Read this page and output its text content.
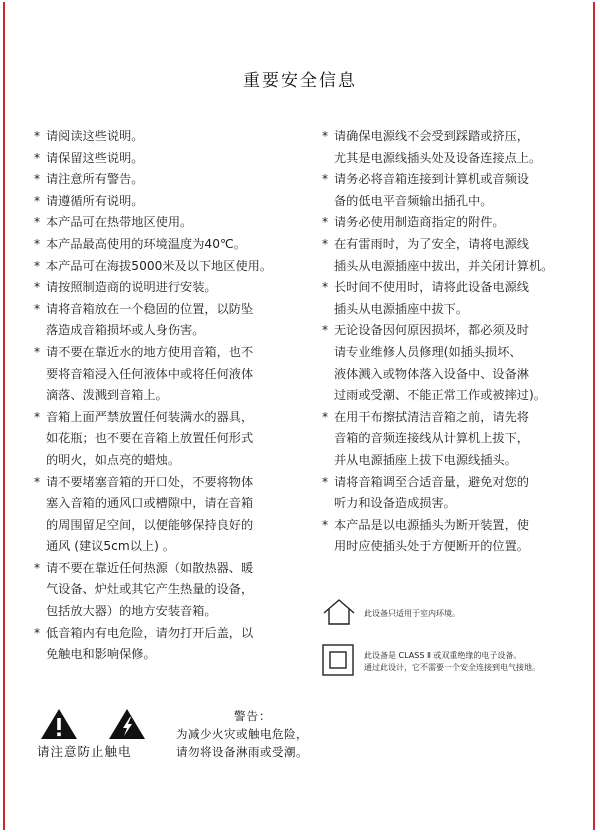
重要安全信息
* 请阅读这些说明。
* 请保留这些说明。
* 请注意所有警告。
* 请遵循所有说明。
* 本产品可在热带地区使用。
* 本产品最高使用的环境温度为40℃。
* 本产品可在海拔5000米及以下地区使用。
* 请按照制造商的说明进行安装。
* 请将音箱放在一个稳固的位置，以防坠
落造成音箱损坏或人身伤害。
* 请不要在靠近水的地方使用音箱，也不
要将音箱浸入任何液体中或将任何液体
滴落、泼溅到音箱上。
* 音箱上面严禁放置任何装满水的器具，
如花瓶；也不要在音箱上放置任何形式
的明火，如点亮的蜡烛。
* 请不要堵塞音箱的开口处，不要将物体
塞入音箱的通风口或槽隙中，请在音箱
的周围留足空间，以便能够保持良好的
通风 (建议5cm以上) 。
* 请不要在靠近任何热源（如散热器、暖
气设备、炉灶或其它产生热量的设备，
包括放大器）的地方安装音箱。
* 低音箱内有电危险，请勿打开后盖，以
免触电和影响保修。
* 请确保电源线不会受到踩踏或挤压，
尤其是电源线插头处及设备连接点上。
* 请务必将音箱连接到计算机或音频设
备的低电平音频输出插孔中。
* 请务必使用制造商指定的附件。
* 在有雷雨时，为了安全，请将电源线
插头从电源插座中拔出，并关闭计算机。
* 长时间不使用时，请将此设备电源线
插头从电源插座中拔下。
* 无论设备因何原因损坏，都必须及时
请专业维修人员修理(如插头损坏、
液体溅入或物体落入设备中、设备淋
过雨或受潮、不能正常工作或被摔过)。
* 在用干布擦拭清洁音箱之前，请先将
音箱的音频连接线从计算机上拔下，
并从电源插座上拔下电源线插头。
* 请将音箱调至合适音量，避免对您的
听力和设备造成损害。
* 本产品是以电源插头为断开装置，使
用时应使插头处于方便断开的位置。
此设备只适用于室内环境。
此设备是 CLASS Ⅱ 或双重绝缘的电子设备。
通过此设计，它不需要一个安全连接到电气接地。
请注意防止触电
警告：
为减少火灾或触电危险，
请勿将设备淋雨或受潮。
